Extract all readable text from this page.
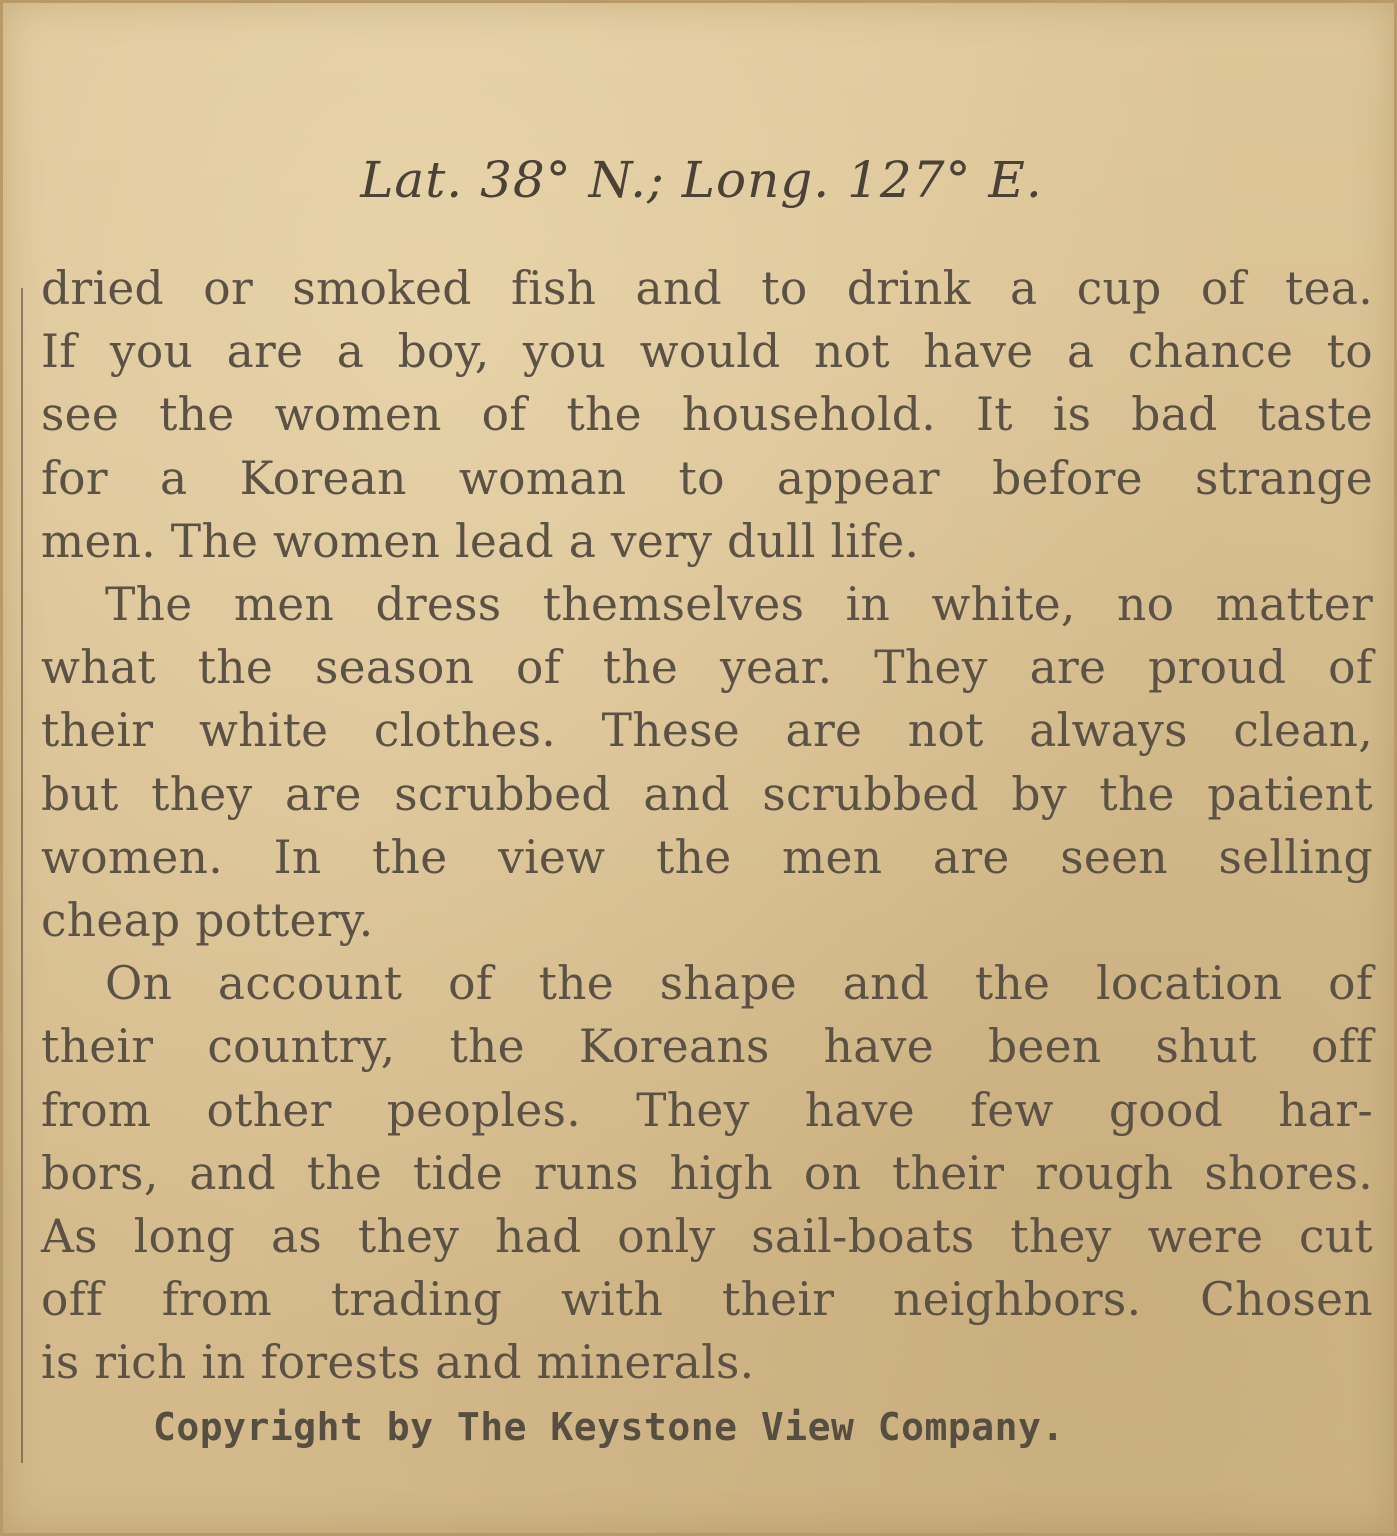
Lat. 38° N.; Long. 127° E.
dried or smoked fish and to drink a cup of tea.
If you are a boy, you would not have a chance to
see the women of the household. It is bad taste
for a Korean woman to appear before strange
men. The women lead a very dull life.
The men dress themselves in white, no matter
what the season of the year. They are proud of
their white clothes. These are not always clean,
but they are scrubbed and scrubbed by the patient
women. In the view the men are seen selling
cheap pottery.
On account of the shape and the location of
their country, the Koreans have been shut off
from other peoples. They have few good har-
bors, and the tide runs high on their rough shores.
As long as they had only sail-boats they were cut
off from trading with their neighbors. Chosen
is rich in forests and minerals.
Copyright by The Keystone View Company.
